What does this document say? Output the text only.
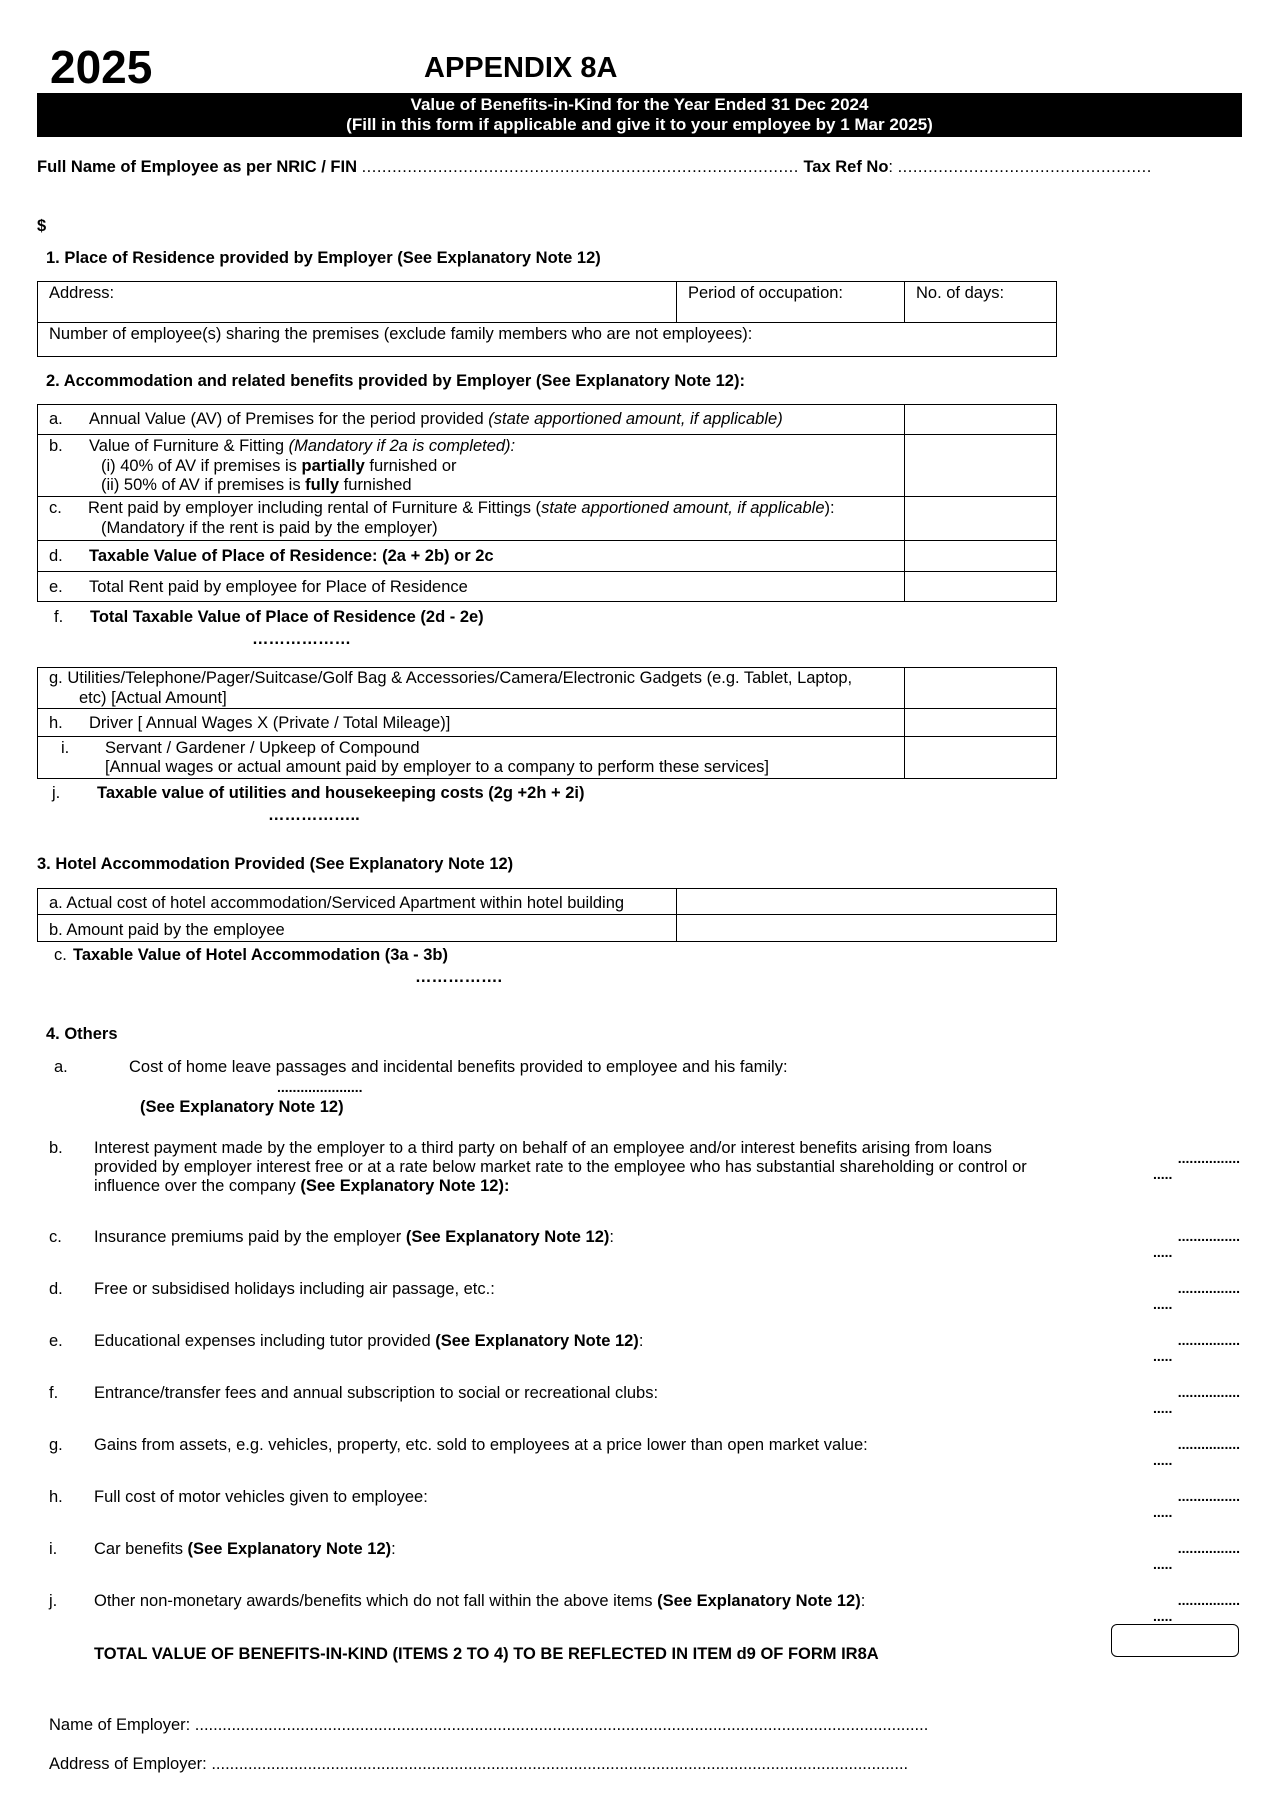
2025	APPENDIX 8A
Value of Benefits-in-Kind for the Year Ended 31 Dec 2024
(Fill in this form if applicable and give it to your employee by 1 Mar 2025)
Full Name of Employee as per NRIC / FIN ...................................................................................... Tax Ref No: ..................................................
$
1. Place of Residence provided by Employer (See Explanatory Note 12)
Address:	Period of occupation:	No. of days:
Number of employee(s) sharing the premises (exclude family members who are not employees):
2. Accommodation and related benefits provided by Employer (See Explanatory Note 12):
a. Annual Value (AV) of Premises for the period provided (state apportioned amount, if applicable)
b. Value of Furniture & Fitting (Mandatory if 2a is completed):
(i) 40% of AV if premises is partially furnished or
(ii) 50% of AV if premises is fully furnished
c. Rent paid by employer including rental of Furniture & Fittings (state apportioned amount, if applicable):
(Mandatory if the rent is paid by the employer)
d. Taxable Value of Place of Residence: (2a + 2b) or 2c
e. Total Rent paid by employee for Place of Residence
f. Total Taxable Value of Place of Residence (2d - 2e)
………………
g. Utilities/Telephone/Pager/Suitcase/Golf Bag & Accessories/Camera/Electronic Gadgets (e.g. Tablet, Laptop,
etc) [Actual Amount]
h. Driver [ Annual Wages X (Private / Total Mileage)]
i. Servant / Gardener / Upkeep of Compound
[Annual wages or actual amount paid by employer to a company to perform these services]
j. Taxable value of utilities and housekeeping costs (2g +2h + 2i)
……………..
3. Hotel Accommodation Provided (See Explanatory Note 12)
a. Actual cost of hotel accommodation/Serviced Apartment within hotel building
b. Amount paid by the employee
c. Taxable Value of Hotel Accommodation (3a - 3b)
…………….
4. Others
a.	Cost of home leave passages and incidental benefits provided to employee and his family:
......................
(See Explanatory Note 12)
b. Interest payment made by the employer to a third party on behalf of an employee and/or interest benefits arising from loans
provided by employer interest free or at a rate below market rate to the employee who has substantial shareholding or control or
influence over the company (See Explanatory Note 12):
................
.....
c. Insurance premiums paid by the employer (See Explanatory Note 12):	................
.....
d. Free or subsidised holidays including air passage, etc.:	................
.....
e. Educational expenses including tutor provided (See Explanatory Note 12):	................
.....
f. Entrance/transfer fees and annual subscription to social or recreational clubs:	................
.....
g. Gains from assets, e.g. vehicles, property, etc. sold to employees at a price lower than open market value:	................
.....
h. Full cost of motor vehicles given to employee:	................
.....
i. Car benefits (See Explanatory Note 12):	................
.....
j. Other non-monetary awards/benefits which do not fall within the above items (See Explanatory Note 12):	................
.....
TOTAL VALUE OF BENEFITS-IN-KIND (ITEMS 2 TO 4) TO BE REFLECTED IN ITEM d9 OF FORM IR8A
Name of Employer: ................................................................................................................................................................
Address of Employer: ........................................................................................................................................................
